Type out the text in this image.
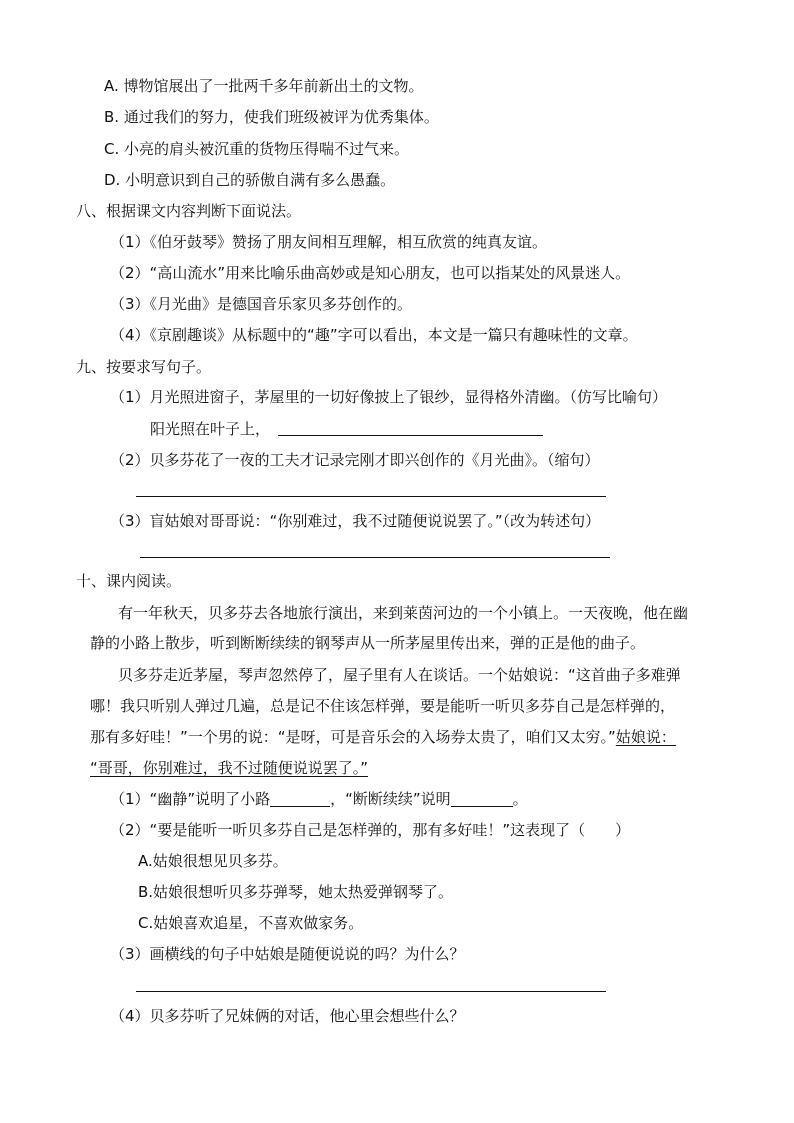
A. 博物馆展出了一批两千多年前新出土的文物。
B. 通过我们的努力，使我们班级被评为优秀集体。
C. 小亮的肩头被沉重的货物压得喘不过气来。
D. 小明意识到自己的骄傲自满有多么愚蠢。
八、根据课文内容判断下面说法。
（1）《伯牙鼓琴》赞扬了朋友间相互理解，相互欣赏的纯真友谊。
（2）“高山流水”用来比喻乐曲高妙或是知心朋友，也可以指某处的风景迷人。
（3）《月光曲》是德国音乐家贝多芬创作的。
（4）《京剧趣谈》从标题中的“趣”字可以看出，本文是一篇只有趣味性的文章。
九、按要求写句子。
（1）月光照进窗子，茅屋里的一切好像披上了银纱，显得格外清幽。（仿写比喻句）
阳光照在叶子上，
（2）贝多芬花了一夜的工夫才记录完刚才即兴创作的《月光曲》。（缩句）
（3）盲姑娘对哥哥说：“你别难过，我不过随便说说罢了。”（改为转述句）
十、课内阅读。
有一年秋天，贝多芬去各地旅行演出，来到莱茵河边的一个小镇上。一天夜晚，他在幽
静的小路上散步，听到断断续续的钢琴声从一所茅屋里传出来，弹的正是他的曲子。
贝多芬走近茅屋，琴声忽然停了，屋子里有人在谈话。一个姑娘说：“这首曲子多难弹
哪！我只听别人弹过几遍，总是记不住该怎样弹，要是能听一听贝多芬自己是怎样弹的，
那有多好哇！”一个男的说：“是呀，可是音乐会的入场券太贵了，咱们又太穷。”姑娘说：
“哥哥，你别难过，我不过随便说说罢了。”
（1）“幽静”说明了小路	，“断断续续”说明	。
（2）“要是能听一听贝多芬自己是怎样弹的，那有多好哇！”这表现了（　　）
A.姑娘很想见贝多芬。
B.姑娘很想听贝多芬弹琴，她太热爱弹钢琴了。
C.姑娘喜欢追星，不喜欢做家务。
（3）画横线的句子中姑娘是随便说说的吗？为什么？
（4）贝多芬听了兄妹俩的对话，他心里会想些什么？
